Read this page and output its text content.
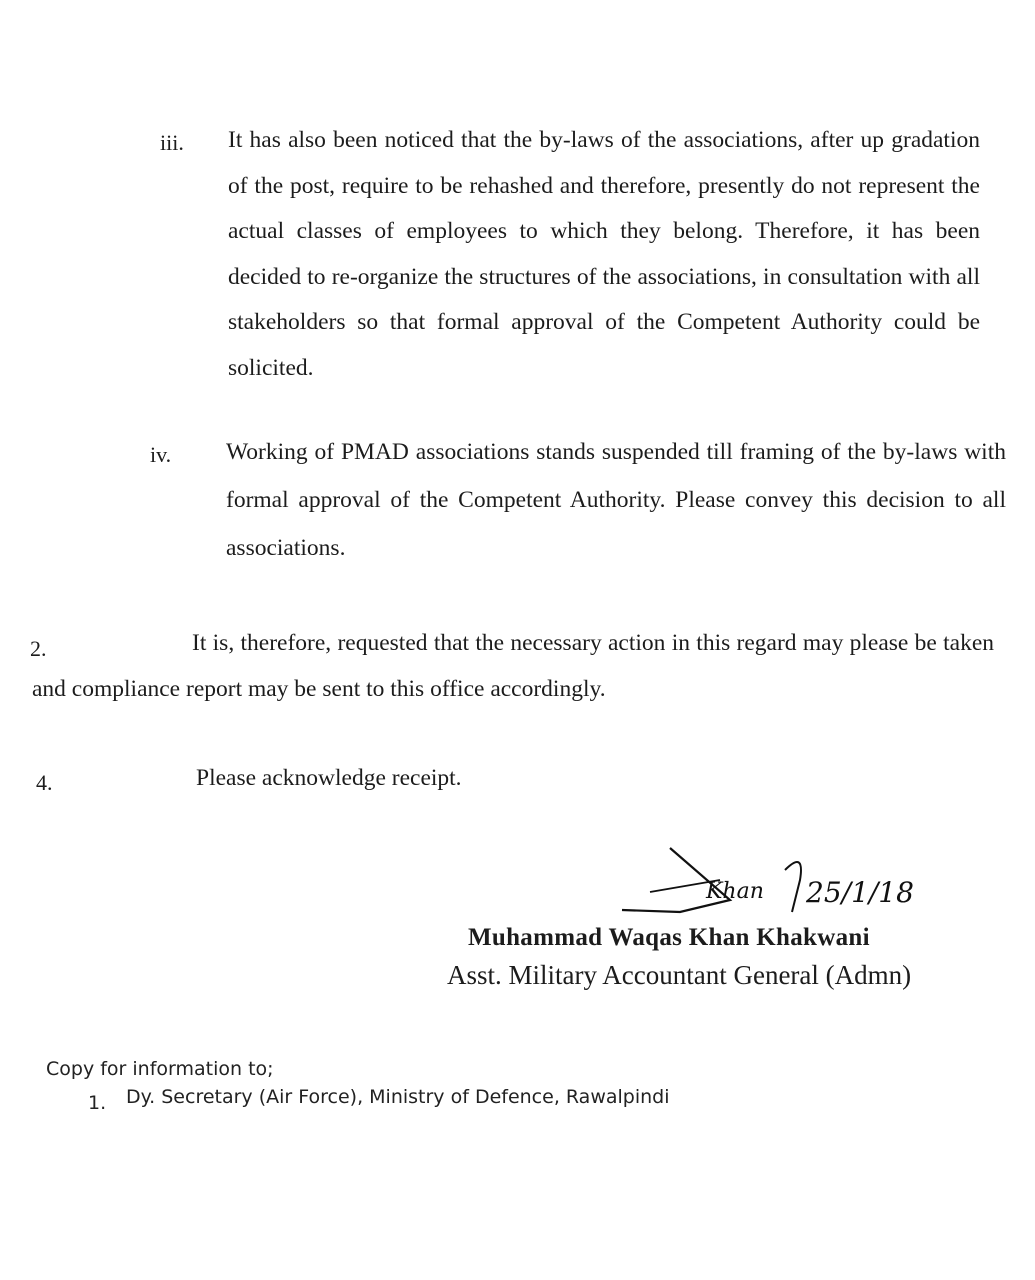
iii. It has also been noticed that the by-laws of the associations, after up gradation of the post, require to be rehashed and therefore, presently do not represent the actual classes of employees to which they belong. Therefore, it has been decided to re-organize the structures of the associations, in consultation with all stakeholders so that formal approval of the Competent Authority could be solicited.
iv. Working of PMAD associations stands suspended till framing of the by-laws with formal approval of the Competent Authority. Please convey this decision to all associations.
2.	It is, therefore, requested that the necessary action in this regard may please be taken and compliance report may be sent to this office accordingly.
4.	Please acknowledge receipt.
Khan 25/1/18
Muhammad Waqas Khan Khakwani
Asst. Military Accountant General (Admn)
Copy for information to;
1. Dy. Secretary (Air Force), Ministry of Defence, Rawalpindi
